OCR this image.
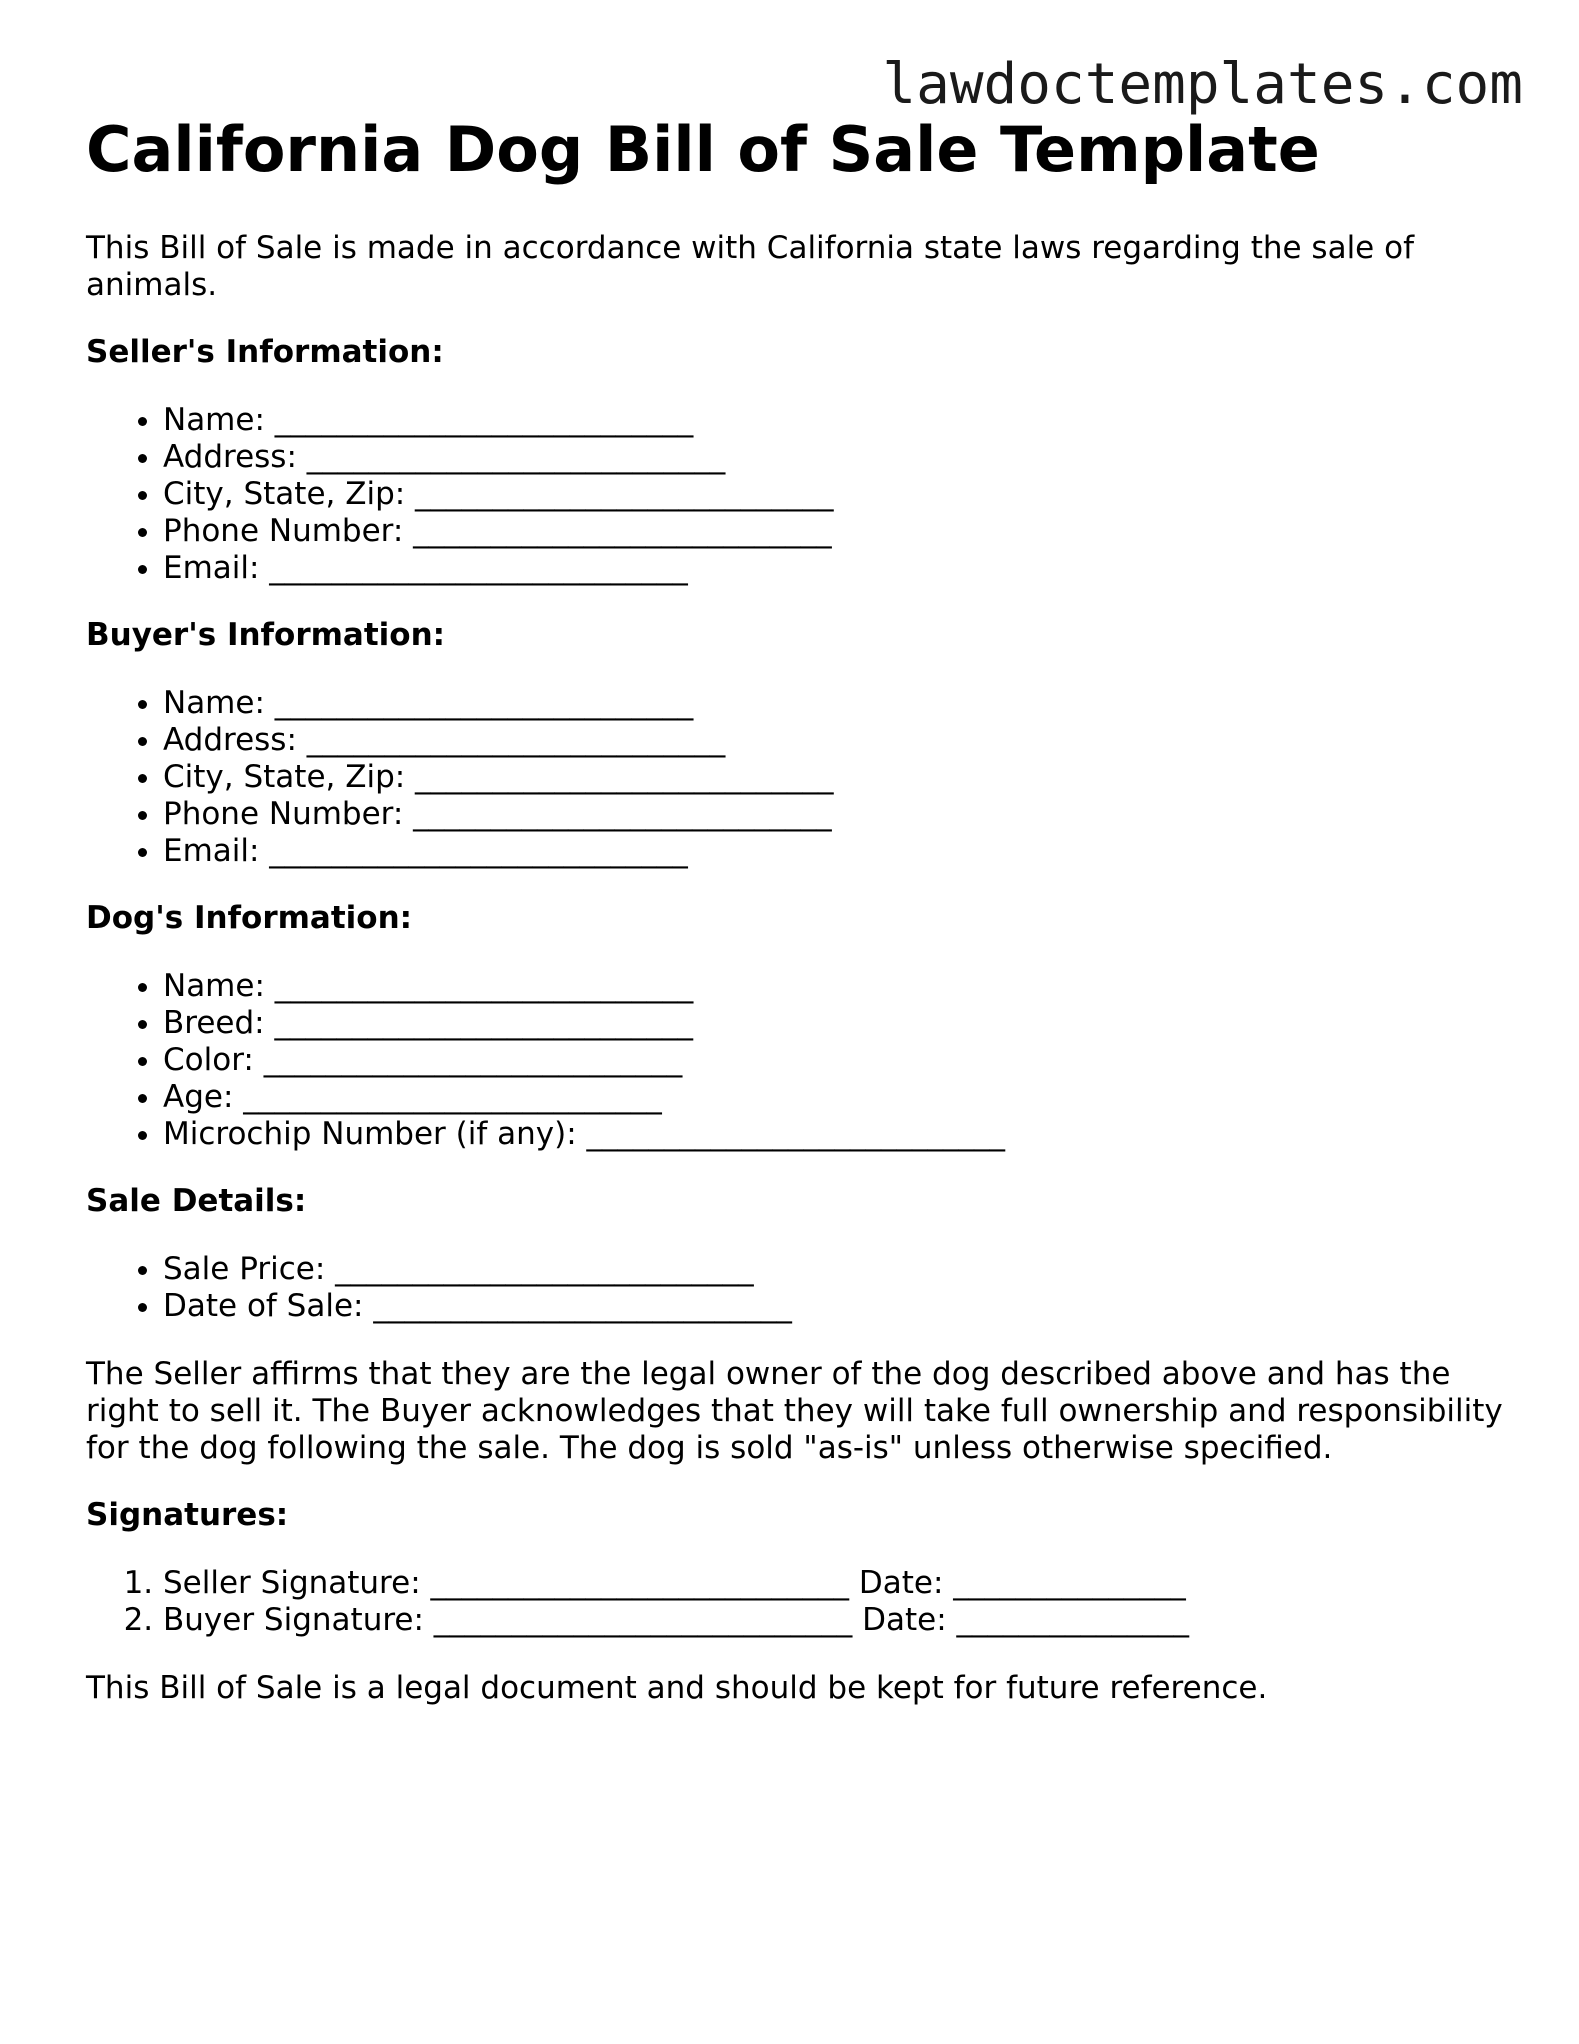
lawdoctemplates.com
California Dog Bill of Sale Template

This Bill of Sale is made in accordance with California state laws regarding the sale of animals.

Seller's Information:
• Name: ___________________________
• Address: ___________________________
• City, State, Zip: ___________________________
• Phone Number: ___________________________
• Email: ___________________________
Buyer's Information:
• Name: ___________________________
• Address: ___________________________
• City, State, Zip: ___________________________
• Phone Number: ___________________________
• Email: ___________________________
Dog's Information:
• Name: ___________________________
• Breed: ___________________________
• Color: ___________________________
• Age: ___________________________
• Microchip Number (if any): ___________________________
Sale Details:
• Sale Price: ___________________________
• Date of Sale: ___________________________

The Seller affirms that they are the legal owner of the dog described above and has the right to sell it. The Buyer acknowledges that they will take full ownership and responsibility for the dog following the sale. The dog is sold "as-is" unless otherwise specified.

Signatures:
1. Seller Signature: ___________________________ Date: _______________
2. Buyer Signature: ___________________________ Date: _______________

This Bill of Sale is a legal document and should be kept for future reference.
